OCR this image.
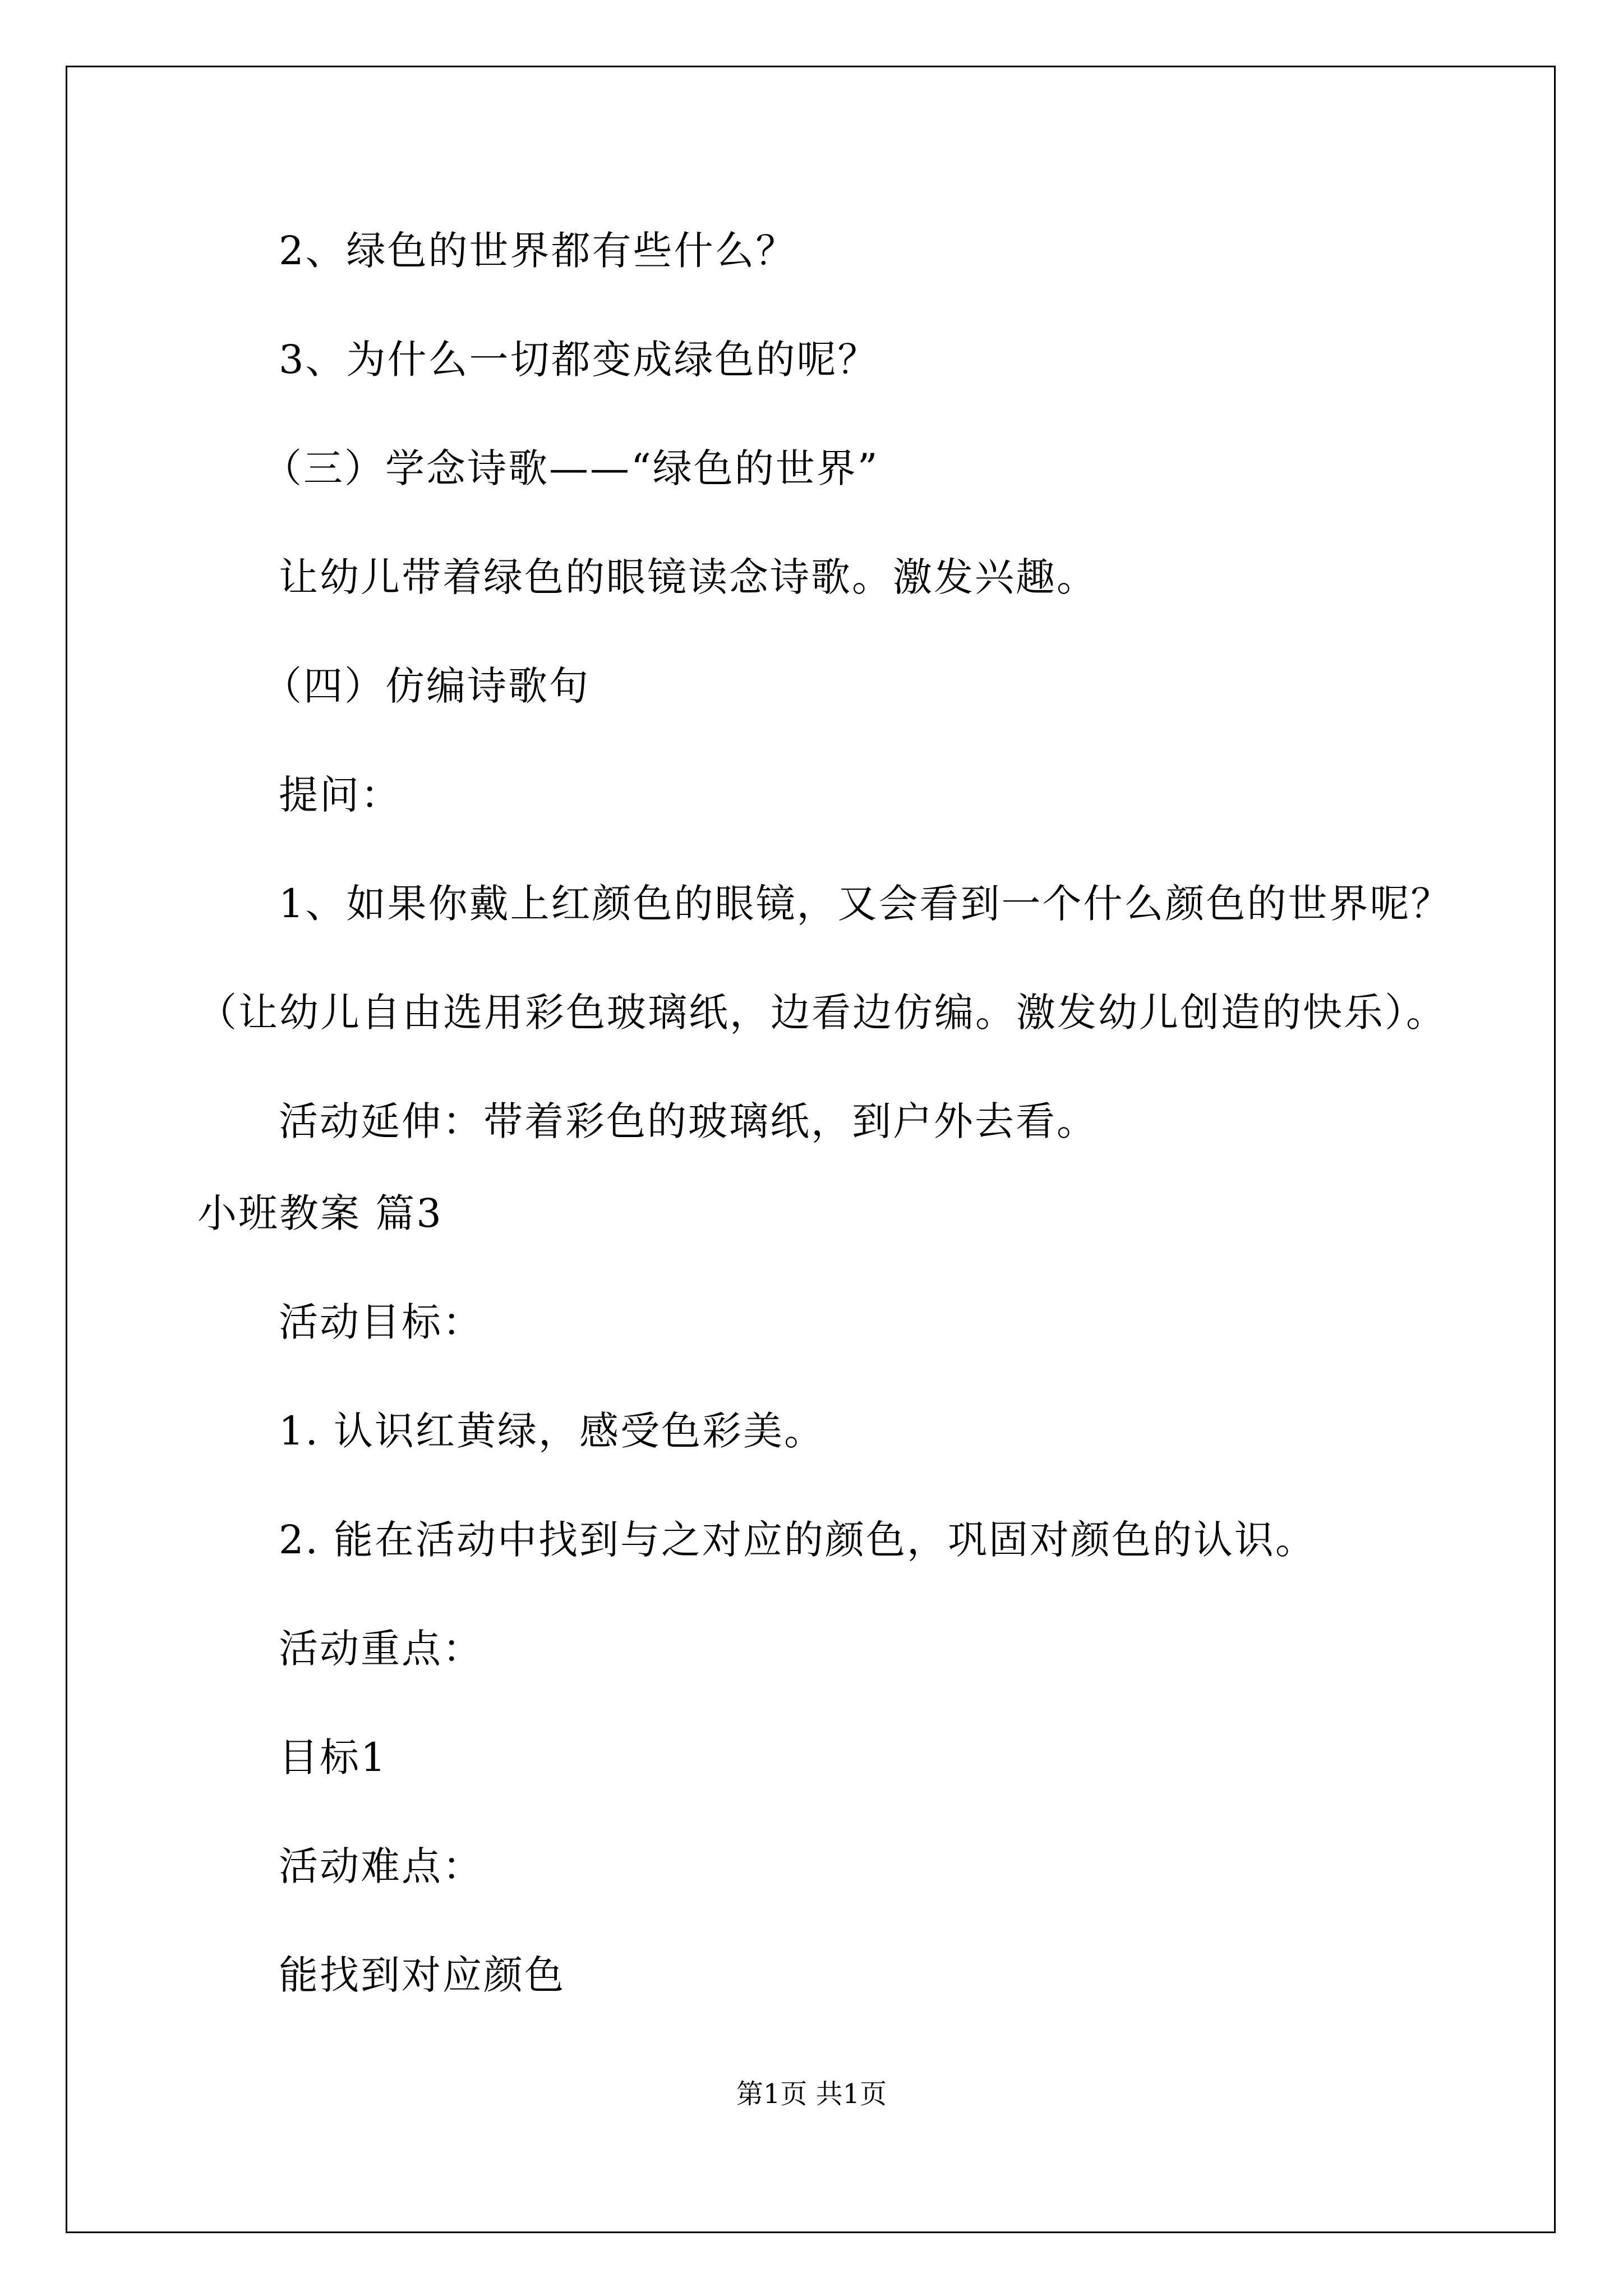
2、绿色的世界都有些什么？
3、为什么一切都变成绿色的呢？
（三）学念诗歌——“绿色的世界”
让幼儿带着绿色的眼镜读念诗歌。激发兴趣。
（四）仿编诗歌句
提问：
1、如果你戴上红颜色的眼镜，又会看到一个什么颜色的世界呢？
（让幼儿自由选用彩色玻璃纸，边看边仿编。激发幼儿创造的快乐）。
活动延伸：带着彩色的玻璃纸，到户外去看。
小班教案 篇3
活动目标：
1. 认识红黄绿，感受色彩美。
2. 能在活动中找到与之对应的颜色，巩固对颜色的认识。
活动重点：
目标1
活动难点：
能找到对应颜色
第1页 共1页
